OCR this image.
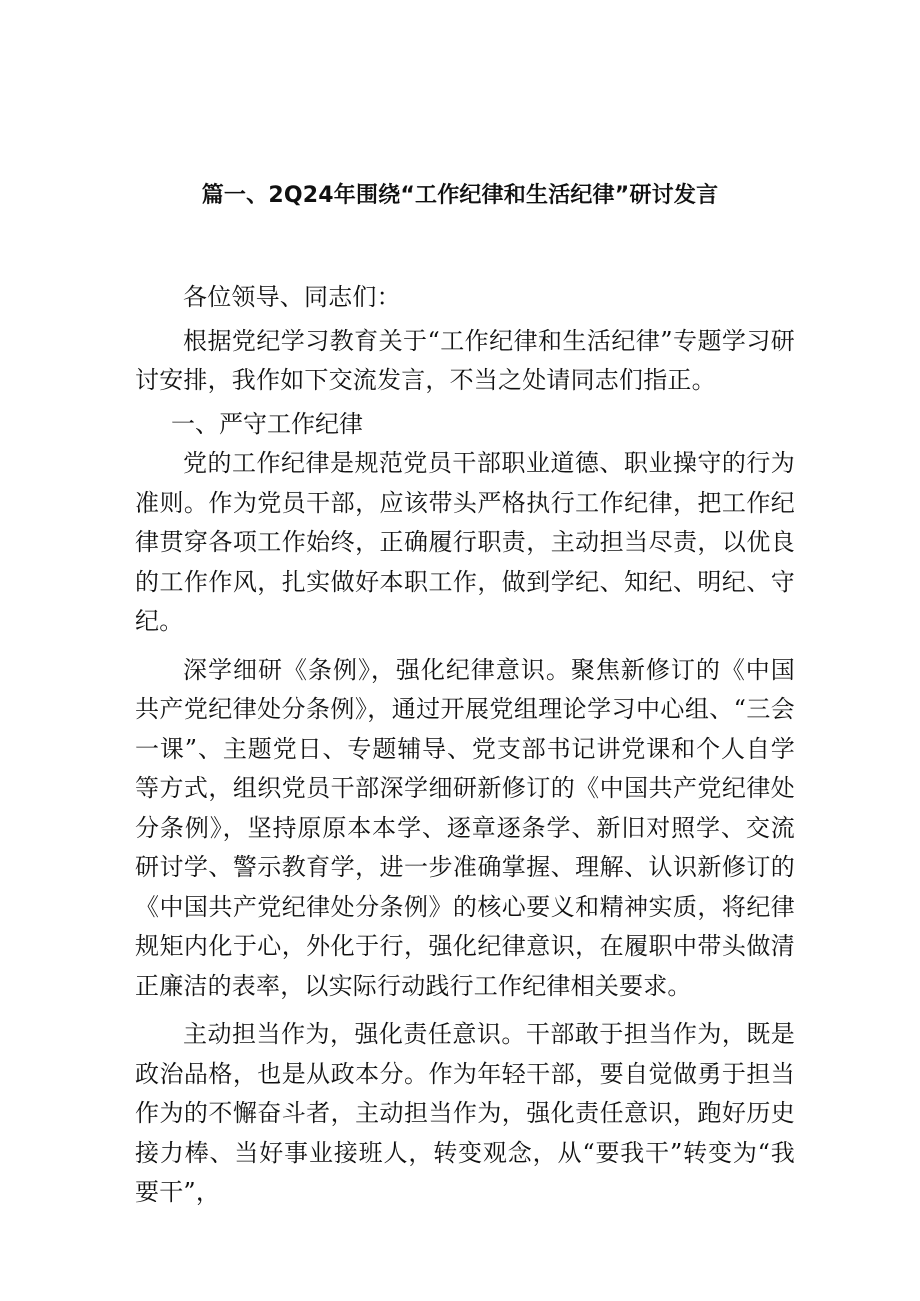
篇一、2Q24年围绕“工作纪律和生活纪律”研讨发言

各位领导、同志们：

根据党纪学习教育关于“工作纪律和生活纪律”专题学习研讨安排，我作如下交流发言，不当之处请同志们指正。

一、严守工作纪律

党的工作纪律是规范党员干部职业道德、职业操守的行为准则。作为党员干部，应该带头严格执行工作纪律，把工作纪律贯穿各项工作始终，正确履行职责，主动担当尽责，以优良的工作作风，扎实做好本职工作，做到学纪、知纪、明纪、守纪。

深学细研《条例》，强化纪律意识。聚焦新修订的《中国共产党纪律处分条例》，通过开展党组理论学习中心组、“三会一课”、主题党日、专题辅导、党支部书记讲党课和个人自学等方式，组织党员干部深学细研新修订的《中国共产党纪律处分条例》，坚持原原本本学、逐章逐条学、新旧对照学、交流研讨学、警示教育学，进一步准确掌握、理解、认识新修订的《中国共产党纪律处分条例》的核心要义和精神实质，将纪律规矩内化于心，外化于行，强化纪律意识，在履职中带头做清正廉洁的表率，以实际行动践行工作纪律相关要求。

主动担当作为，强化责任意识。干部敢于担当作为，既是政治品格，也是从政本分。作为年轻干部，要自觉做勇于担当作为的不懈奋斗者，主动担当作为，强化责任意识，跑好历史接力棒、当好事业接班人，转变观念，从“要我干”转变为“我要干”，
